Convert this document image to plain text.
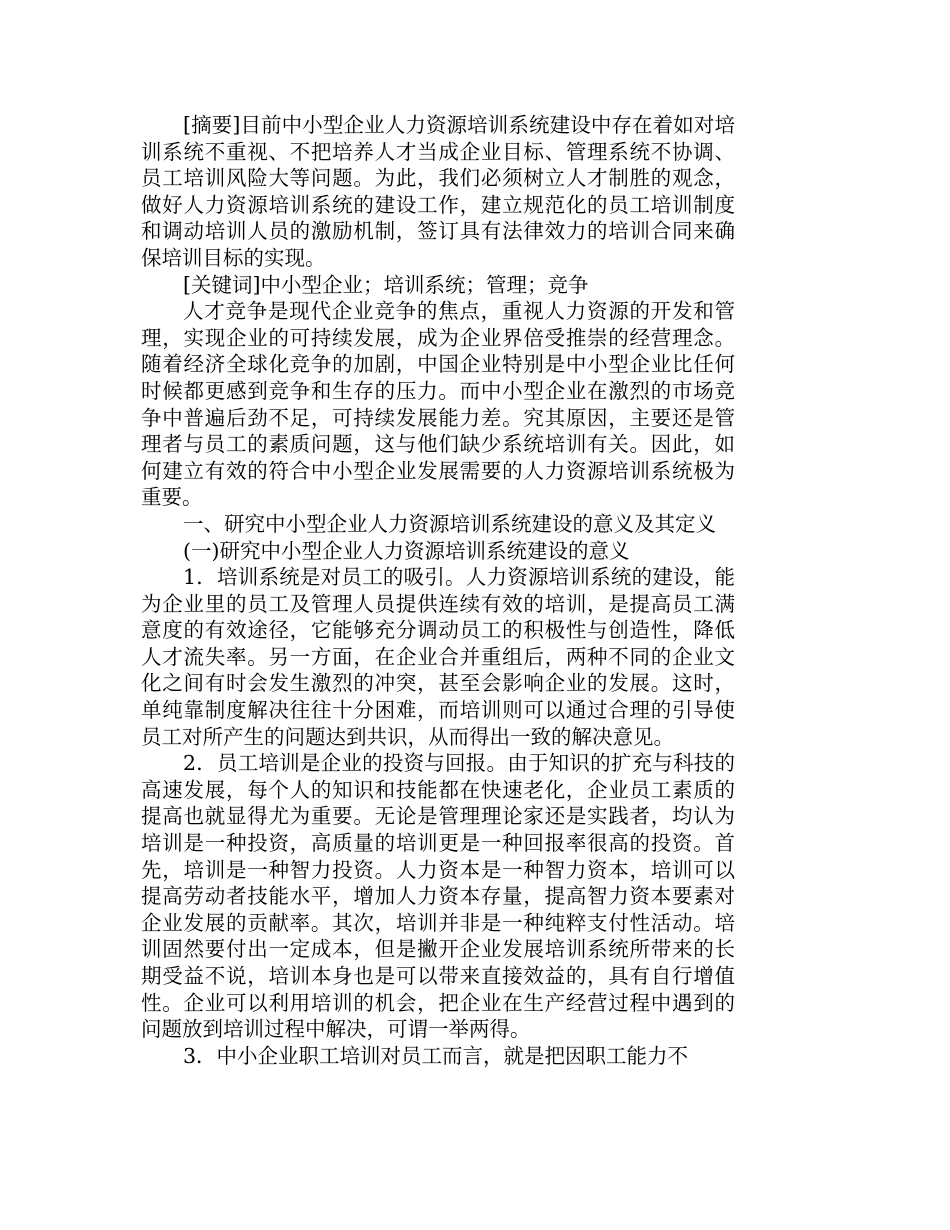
[摘要]目前中小型企业人力资源培训系统建设中存在着如对培训系统不重视、不把培养人才当成企业目标、管理系统不协调、员工培训风险大等问题。为此，我们必须树立人才制胜的观念，做好人力资源培训系统的建设工作，建立规范化的员工培训制度和调动培训人员的激励机制，签订具有法律效力的培训合同来确保培训目标的实现。

[关键词]中小型企业；培训系统；管理；竞争

人才竞争是现代企业竞争的焦点，重视人力资源的开发和管理，实现企业的可持续发展，成为企业界倍受推崇的经营理念。随着经济全球化竞争的加剧，中国企业特别是中小型企业比任何时候都更感到竞争和生存的压力。而中小型企业在激烈的市场竞争中普遍后劲不足，可持续发展能力差。究其原因，主要还是管理者与员工的素质问题，这与他们缺少系统培训有关。因此，如何建立有效的符合中小型企业发展需要的人力资源培训系统极为重要。

一、研究中小型企业人力资源培训系统建设的意义及其定义

(一)研究中小型企业人力资源培训系统建设的意义

1．培训系统是对员工的吸引。人力资源培训系统的建设，能为企业里的员工及管理人员提供连续有效的培训，是提高员工满意度的有效途径，它能够充分调动员工的积极性与创造性，降低人才流失率。另一方面，在企业合并重组后，两种不同的企业文化之间有时会发生激烈的冲突，甚至会影响企业的发展。这时，单纯靠制度解决往往十分困难，而培训则可以通过合理的引导使员工对所产生的问题达到共识，从而得出一致的解决意见。

2．员工培训是企业的投资与回报。由于知识的扩充与科技的高速发展，每个人的知识和技能都在快速老化，企业员工素质的提高也就显得尤为重要。无论是管理理论家还是实践者，均认为培训是一种投资，高质量的培训更是一种回报率很高的投资。首先，培训是一种智力投资。人力资本是一种智力资本，培训可以提高劳动者技能水平，增加人力资本存量，提高智力资本要素对企业发展的贡献率。其次，培训并非是一种纯粹支付性活动。培训固然要付出一定成本，但是撇开企业发展培训系统所带来的长期受益不说，培训本身也是可以带来直接效益的，具有自行增值性。企业可以利用培训的机会，把企业在生产经营过程中遇到的问题放到培训过程中解决，可谓一举两得。

3．中小企业职工培训对员工而言，就是把因职工能力不
